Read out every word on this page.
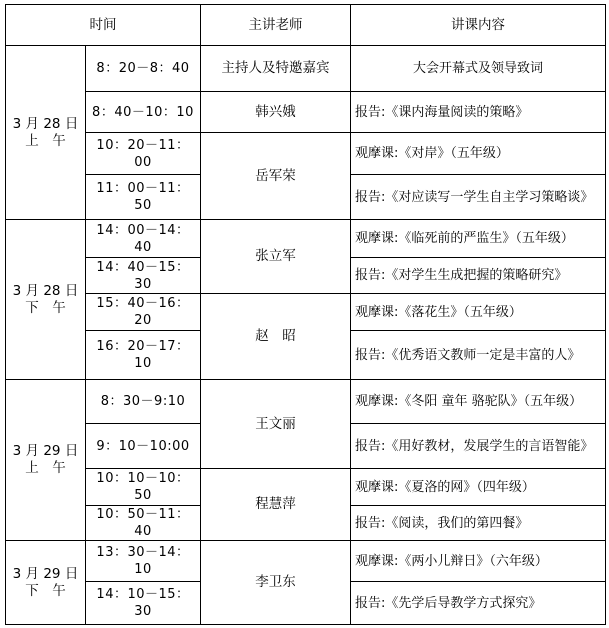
时间		主讲老师	讲课内容

3 月 28 日
上　午	8：20－8：40	主持人及特邀嘉宾	大会开幕式及领导致词
	8：40－10：10	韩兴娥	报告:《课内海量阅读的策略》
	10：20－11：00	岳军荣	观摩课:《对岸》（五年级）
	11：00－11：50		报告:《对应读写一学生自主学习策略谈》

3 月 28 日
下　午	14：00－14：40	张立军	观摩课:《临死前的严监生》（五年级）
	14：40－15：30		报告:《对学生生成把握的策略研究》
	15：40－16：20	赵　昭	观摩课:《落花生》（五年级）
	16：20－17：10		报告:《优秀语文教师一定是丰富的人》

3 月 29 日
上　午	8：30－9:10	王文丽	观摩课:《冬阳 童年 骆驼队》（五年级）
	9：10－10:00		报告:《用好教材，发展学生的言语智能》
	10：10－10：50	程慧萍	观摩课:《夏洛的网》（四年级）
	10：50－11：40		报告:《阅读，我们的第四餐》

3 月 29 日
下　午	13：30－14：10	李卫东	观摩课:《两小儿辩日》（六年级）
	14：10－15：30		报告:《先学后导教学方式探究》
